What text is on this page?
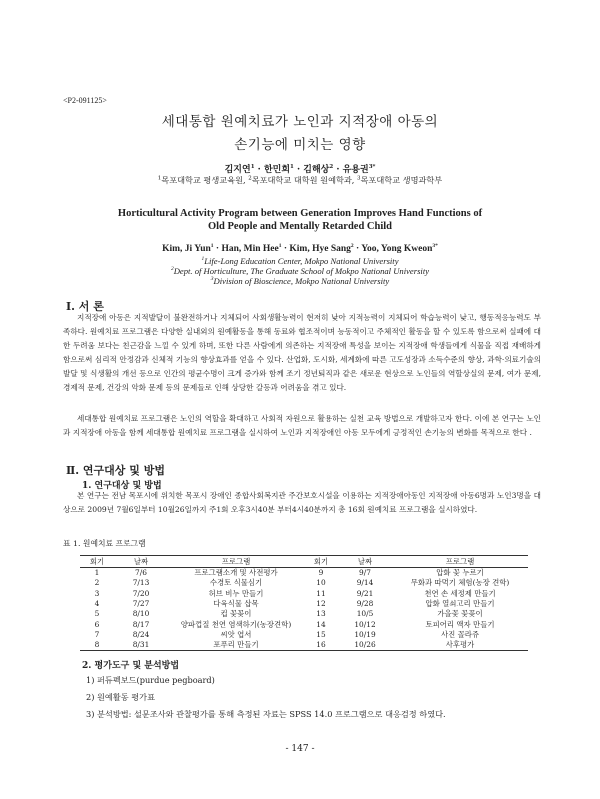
<P2-091125>
세대통합 원예치료가 노인과 지적장애 아동의
손기능에 미치는 영향
김지연$^1$ · 한민희$^1$ · 김해상$^2$ · 유용권$^{3*}$
$^1$목포대학교 평생교육원, $^2$목포대학교 대학원 원예학과, $^3$목포대학교 생명과학부
Horticultural Activity Program between Generation Improves Hand Functions of
Old People and Mentally Retarded Child
Kim, Ji Yun$^1$ · Han, Min Hee$^1$ · Kim, Hye Sang$^2$ · Yoo, Yong Kweon$^{3*}$
$^1$Life-Long Education Center, Mokpo National University
$^2$Dept. of Horticulture, The Graduate School of Mokpo National University
$^3$Division of Bioscience, Mokpo National University
Ⅰ. 서 론

지적장애 아동은 지적발달이 불완전하거나 지체되어 사회생활능력이 현저히 낮아 지적능력이 지체되어 학습능력이 낮고, 행동적응능력도 부족하다. 원예치료 프로그램은 다양한 실내외의 원예활동을 통해 동료와 협조적이며 능동적이고 주체적인 활동을 할 수 있도록 함으로써 실패에 대한 두려움 보다는 친근감을 느낄 수 있게 하며, 또한 다른 사람에게 의존하는 지적장애 특성을 보이는 지적장애 학생들에게 식물을 직접 재배하게 함으로써 심리적 안정감과 신체적 기능의 향상효과를 얻을 수 있다. 산업화, 도시화, 세계화에 따른 고도성장과 소득수준의 향상, 과학·의료기술의 발달 및 식생활의 개선 등으로 인간의 평균수명이 크게 증가와 함께 조기 정년퇴직과 같은 새로운 현상으로 노인들의 역할상실의 문제, 여가 문제, 경제적 문제, 건강의 악화 문제 등의 문제들로 인해 상당한 갈등과 어려움을 겪고 있다.

세대통합 원예치료 프로그램은 노인의 역할을 확대하고 사회적 자원으로 활용하는 실천 교육 방법으로 개발하고자 한다. 이에 본 연구는 노인과 지적장애 아동을 함께 세대통합 원예치료 프로그램을 실시하여 노인과 지적장애인 아동 모두에게 긍정적인 손기능의 변화를 목적으로 한다 .

Ⅱ. 연구대상 및 방법
1. 연구대상 및 방법

본 연구는 전남 목포시에 위치한 목포시 장애인 종합사회복지관 주간보호시설을 이용하는 지적장애아동인 지적장애 아동6명과 노인3명을 대상으로 2009년 7월6일부터 10월26일까지 주1회 오후3시40분 부터4시40분까지 총 16회 원예치료 프로그램을 실시하였다.

표 1. 원예치료 프로그램
회기	날짜	프로그램	회기	날짜	프로그램
1	7/6	프로그램소개 및 사전평가	9	9/7	압화 꽃 누르기
2	7/13	수경토 식물심기	10	9/14	무화과 따먹기 체험(농장 견학)
3	7/20	허브 비누 만들기	11	9/21	천연 손 세정제 만들기
4	7/27	다육식물 삽목	12	9/28	압화 열쇠고리 만들기
5	8/10	컵 꽃꽂이	13	10/5	가을꽃 꽃꽂이
6	8/17	양파껍질 천연 염색하기(농장견학)	14	10/12	토피어리 액자 만들기
7	8/24	씨앗 엽서	15	10/19	사진 꼴라쥬
8	8/31	포푸리 만들기	16	10/26	사후평가
2. 평가도구 및 분석방법
1) 퍼듀펙보드(purdue pegboard)
2) 원예활동 평가표
3) 분석방법: 설문조사와 관찰평가를 통해 측정된 자료는 SPSS 14.0 프로그램으로 대응검정 하였다.
- 147 -
